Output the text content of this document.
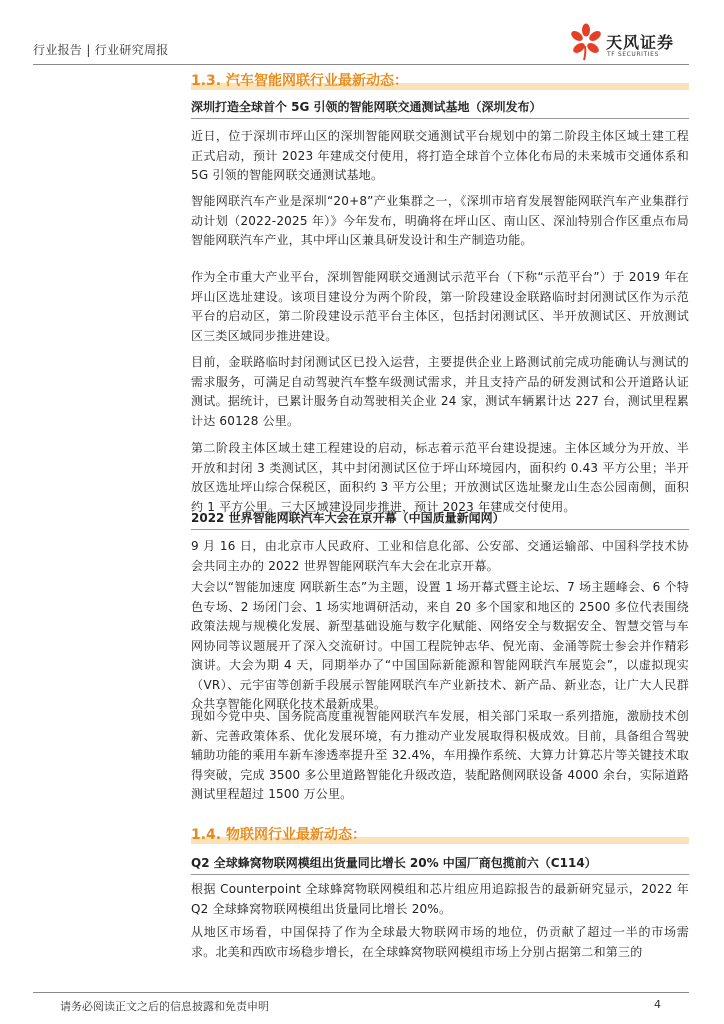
行业报告 | 行业研究周报	天风证券
TF SECURITIES
1.3. 汽车智能网联行业最新动态：
深圳打造全球首个 5G 引领的智能网联交通测试基地（深圳发布）
近日，位于深圳市坪山区的深圳智能网联交通测试平台规划中的第二阶段主体区域土建工程正式启动，预计 2023 年建成交付使用，将打造全球首个立体化布局的未来城市交通体系和 5G 引领的智能网联交通测试基地。
智能网联汽车产业是深圳“20+8”产业集群之一，《深圳市培育发展智能网联汽车产业集群行动计划（2022-2025 年）》今年发布，明确将在坪山区、南山区、深汕特别合作区重点布局智能网联汽车产业，其中坪山区兼具研发设计和生产制造功能。
作为全市重大产业平台，深圳智能网联交通测试示范平台（下称“示范平台”）于 2019 年在坪山区选址建设。该项目建设分为两个阶段，第一阶段建设金联路临时封闭测试区作为示范平台的启动区，第二阶段建设示范平台主体区，包括封闭测试区、半开放测试区、开放测试区三类区域同步推进建设。
目前，金联路临时封闭测试区已投入运营，主要提供企业上路测试前完成功能确认与测试的需求服务，可满足自动驾驶汽车整车级测试需求，并且支持产品的研发测试和公开道路认证测试。据统计，已累计服务自动驾驶相关企业 24 家，测试车辆累计达 227 台，测试里程累计达 60128 公里。
第二阶段主体区域土建工程建设的启动，标志着示范平台建设提速。主体区域分为开放、半开放和封闭 3 类测试区，其中封闭测试区位于坪山环境园内，面积约 0.43 平方公里；半开放区选址坪山综合保税区，面积约 3 平方公里；开放测试区选址聚龙山生态公园南侧，面积约 1 平方公里。三大区域建设同步推进，预计 2023 年建成交付使用。
2022 世界智能网联汽车大会在京开幕（中国质量新闻网）
9 月 16 日，由北京市人民政府、工业和信息化部、公安部、交通运输部、中国科学技术协会共同主办的 2022 世界智能网联汽车大会在北京开幕。
大会以“智能加速度 网联新生态”为主题，设置 1 场开幕式暨主论坛、7 场主题峰会、6 个特色专场、2 场闭门会、1 场实地调研活动，来自 20 多个国家和地区的 2500 多位代表围绕政策法规与规模化发展、新型基础设施与数字化赋能、网络安全与数据安全、智慧交管与车网协同等议题展开了深入交流研讨。中国工程院钟志华、倪光南、金涌等院士参会并作精彩演讲。大会为期 4 天，同期举办了“中国国际新能源和智能网联汽车展览会”，以虚拟现实（VR）、元宇宙等创新手段展示智能网联汽车产业新技术、新产品、新业态，让广大人民群众共享智能化网联化技术最新成果。
现如今党中央、国务院高度重视智能网联汽车发展，相关部门采取一系列措施，激励技术创新、完善政策体系、优化发展环境，有力推动产业发展取得积极成效。目前，具备组合驾驶辅助功能的乘用车新车渗透率提升至 32.4%，车用操作系统、大算力计算芯片等关键技术取得突破，完成 3500 多公里道路智能化升级改造，装配路侧网联设备 4000 余台，实际道路测试里程超过 1500 万公里。
1.4. 物联网行业最新动态：
Q2 全球蜂窝物联网模组出货量同比增长 20% 中国厂商包揽前六（C114）
根据 Counterpoint 全球蜂窝物联网模组和芯片组应用追踪报告的最新研究显示，2022 年 Q2 全球蜂窝物联网模组出货量同比增长 20%。
从地区市场看，中国保持了作为全球最大物联网市场的地位，仍贡献了超过一半的市场需求。北美和西欧市场稳步增长，在全球蜂窝物联网模组市场上分别占据第二和第三的
请务必阅读正文之后的信息披露和免责申明	4
